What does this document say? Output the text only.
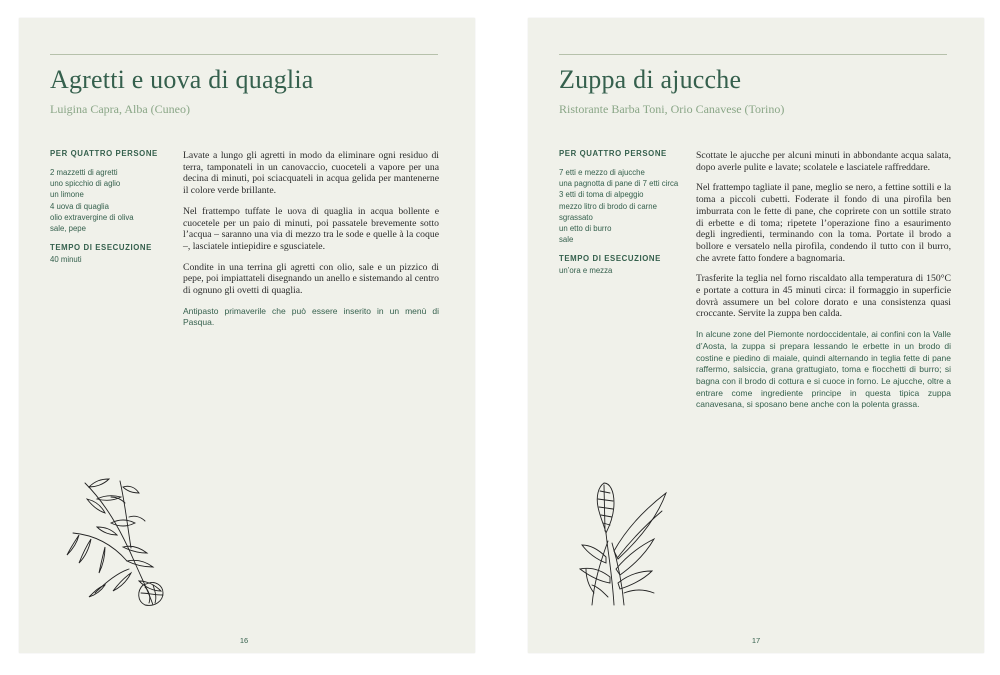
Agretti e uova di quaglia
Luigina Capra, Alba (Cuneo)
PER QUATTRO PERSONE
2 mazzetti di agretti
uno spicchio di aglio
un limone
4 uova di quaglia
olio extravergine di oliva
sale, pepe
TEMPO DI ESECUZIONE
40 minuti

Lavate a lungo gli agretti in modo da eliminare ogni residuo di terra, tamponateli in un canovaccio, cuoceteli a vapore per una decina di minuti, poi sciacquateli in acqua gelida per mantenerne il colore verde brillante.

Nel frattempo tuffate le uova di quaglia in acqua bollente e cuocetele per un paio di minuti, poi passatele brevemente sotto l’acqua – saranno una via di mezzo tra le sode e quelle à la coque –, lasciatele intiepidire e sgusciatele.

Condite in una terrina gli agretti con olio, sale e un pizzico di pepe, poi impiattateli disegnando un anello e sistemando al centro di ognuno gli ovetti di quaglia.

Antipasto primaverile che può essere inserito in un menù di Pasqua.

16
Zuppa di ajucche
Ristorante Barba Toni, Orio Canavese (Torino)
PER QUATTRO PERSONE
7 etti e mezzo di ajucche
una pagnotta di pane di 7 etti circa
3 etti di toma di alpeggio
mezzo litro di brodo di carne
sgrassato
un etto di burro
sale
TEMPO DI ESECUZIONE
un’ora e mezza

Scottate le ajucche per alcuni minuti in abbondante acqua salata, dopo averle pulite e lavate; scolatele e lasciatele raffreddare.

Nel frattempo tagliate il pane, meglio se nero, a fettine sottili e la toma a piccoli cubetti. Foderate il fondo di una pirofila ben imburrata con le fette di pane, che coprirete con un sottile strato di erbette e di toma; ripetete l’operazione fino a esaurimento degli ingredienti, terminando con la toma. Portate il brodo a bollore e versatelo nella pirofila, condendo il tutto con il burro, che avrete fatto fondere a bagnomaria.

Trasferite la teglia nel forno riscaldato alla temperatura di 150°C e portate a cottura in 45 minuti circa: il formaggio in superficie dovrà assumere un bel colore dorato e una consistenza quasi croccante. Servite la zuppa ben calda.

In alcune zone del Piemonte nordoccidentale, ai confini con la Valle d’Aosta, la zuppa si prepara lessando le erbette in un brodo di costine e piedino di maiale, quindi alternando in teglia fette di pane raffermo, salsiccia, grana grattugiato, toma e fiocchetti di burro; si bagna con il brodo di cottura e si cuoce in forno. Le ajucche, oltre a entrare come ingrediente principe in questa tipica zuppa canavesana, si sposano bene anche con la polenta grassa.

17
